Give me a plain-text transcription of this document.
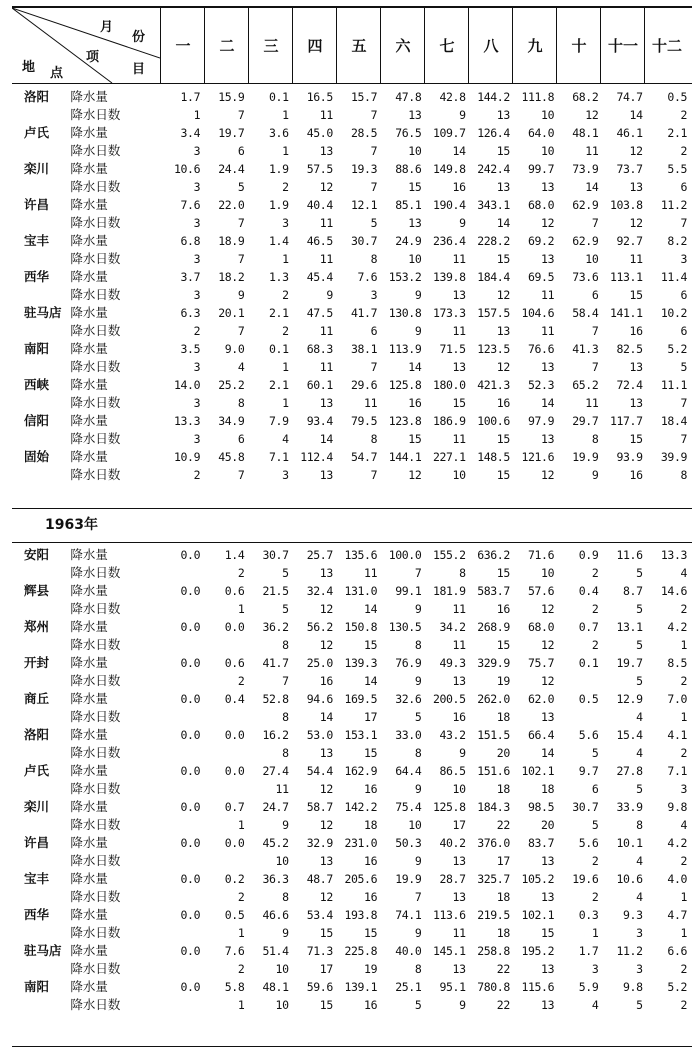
月
份
项
目
地 点
一	二	三	四	五	六	七	八	九	十	十一 十二
洛阳	降水量	1.7	15.9	0.1	16.5	15.7	47.8	42.8	144.2	111.8	68.2	74.7	0.5
	降水日数	1	7	1	11	7	13	9	13	10	12	14	2
卢氏	降水量	3.4	19.7	3.6	45.0	28.5	76.5	109.7	126.4	64.0	48.1	46.1	2.1
	降水日数	3	6	1	13	7	10	14	15	10	11	12	2
栾川	降水量	10.6	24.4	1.9	57.5	19.3	88.6	149.8	242.4	99.7	73.9	73.7	5.5
	降水日数	3	5	2	12	7	15	16	13	13	14	13	6
许昌	降水量	7.6	22.0	1.9	40.4	12.1	85.1	190.4	343.1	68.0	62.9	103.8	11.2
	降水日数	3	7	3	11	5	13	9	14	12	7	12	7
宝丰	降水量	6.8	18.9	1.4	46.5	30.7	24.9	236.4	228.2	69.2	62.9	92.7	8.2
	降水日数	3	7	1	11	8	10	11	15	13	10	11	3
西华	降水量	3.7	18.2	1.3	45.4	7.6	153.2	139.8	184.4	69.5	73.6	113.1	11.4
	降水日数	3	9	2	9	3	9	13	12	11	6	15	6
驻马店	降水量	6.3	20.1	2.1	47.5	41.7	130.8	173.3	157.5	104.6	58.4	141.1	10.2
	降水日数	2	7	2	11	6	9	11	13	11	7	16	6
南阳	降水量	3.5	9.0	0.1	68.3	38.1	113.9	71.5	123.5	76.6	41.3	82.5	5.2
	降水日数	3	4	1	11	7	14	13	12	13	7	13	5
西峡	降水量	14.0	25.2	2.1	60.1	29.6	125.8	180.0	421.3	52.3	65.2	72.4	11.1
	降水日数	3	8	1	13	11	16	15	16	14	11	13	7
信阳	降水量	13.3	34.9	7.9	93.4	79.5	123.8	186.9	100.6	97.9	29.7	117.7	18.4
	降水日数	3	6	4	14	8	15	11	15	13	8	15	7
固始	降水量	10.9	45.8	7.1	112.4	54.7	144.1	227.1	148.5	121.6	19.9	93.9	39.9
	降水日数	2	7	3	13	7	12	10	15	12	9	16	8
1963年
安阳	降水量	0.0	1.4	30.7	25.7	135.6	100.0	155.2	636.2	71.6	0.9	11.6	13.3
	降水日数		2	5	13	11	7	8	15	10	2	5	4
辉县	降水量	0.0	0.6	21.5	32.4	131.0	99.1	181.9	583.7	57.6	0.4	8.7	14.6
	降水日数		1	5	12	14	9	11	16	12	2	5	2
郑州	降水量	0.0	0.0	36.2	56.2	150.8	130.5	34.2	268.9	68.0	0.7	13.1	4.2
	降水日数			8	12	15	8	11	15	12	2	5	1
开封	降水量	0.0	0.6	41.7	25.0	139.3	76.9	49.3	329.9	75.7	0.1	19.7	8.5
	降水日数		2	7	16	14	9	13	19	12		5	2
商丘	降水量	0.0	0.4	52.8	94.6	169.5	32.6	200.5	262.0	62.0	0.5	12.9	7.0
	降水日数			8	14	17	5	16	18	13		4	1
洛阳	降水量	0.0	0.0	16.2	53.0	153.1	33.0	43.2	151.5	66.4	5.6	15.4	4.1
	降水日数			8	13	15	8	9	20	14	5	4	2
卢氏	降水量	0.0	0.0	27.4	54.4	162.9	64.4	86.5	151.6	102.1	9.7	27.8	7.1
	降水日数			11	12	16	9	10	18	18	6	5	3
栾川	降水量	0.0	0.7	24.7	58.7	142.2	75.4	125.8	184.3	98.5	30.7	33.9	9.8
	降水日数		1	9	12	18	10	17	22	20	5	8	4
许昌	降水量	0.0	0.0	45.2	32.9	231.0	50.3	40.2	376.0	83.7	5.6	10.1	4.2
	降水日数			10	13	16	9	13	17	13	2	4	2
宝丰	降水量	0.0	0.2	36.3	48.7	205.6	19.9	28.7	325.7	105.2	19.6	10.6	4.0
	降水日数		2	8	12	16	7	13	18	13	2	4	1
西华	降水量	0.0	0.5	46.6	53.4	193.8	74.1	113.6	219.5	102.1	0.3	9.3	4.7
	降水日数		1	9	15	15	9	11	18	15	1	3	1
驻马店	降水量	0.0	7.6	51.4	71.3	225.8	40.0	145.1	258.8	195.2	1.7	11.2	6.6
	降水日数		2	10	17	19	8	13	22	13	3	3	2
南阳	降水量	0.0	5.8	48.1	59.6	139.1	25.1	95.1	780.8	115.6	5.9	9.8	5.2
	降水日数		1	10	15	16	5	9	22	13	4	5	2
